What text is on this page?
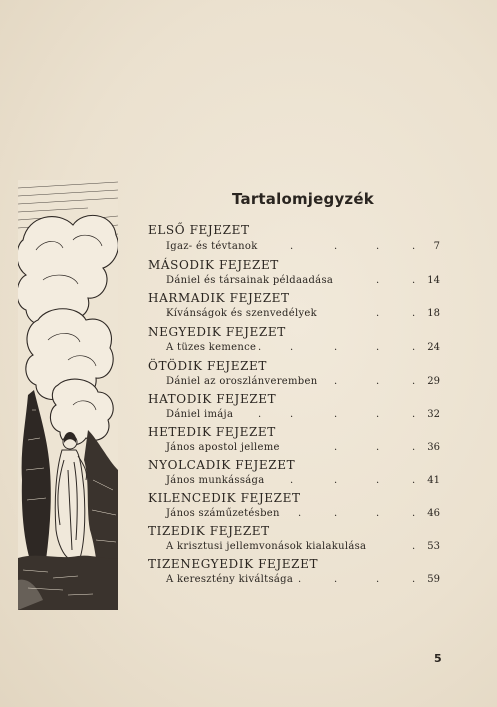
Tartalomjegyzék
ELSŐ FEJEZET
Igaz- és tévtanok	.	.	.	. 7
MÁSODIK FEJEZET
Dániel és társainak példaadása	.	. 14
HARMADIK FEJEZET
Kívánságok és szenvedélyek	.	. 18
NEGYEDIK FEJEZET
A tüzes kemence .	.	.	.	. 24
ÖTÖDIK FEJEZET
Dániel az oroszlánveremben .	.	. 29
HATODIK FEJEZET
Dániel imája .	.	.	.	. 32
HETEDIK FEJEZET
János apostol jelleme	.	.	. 36
NYOLCADIK FEJEZET
János munkássága	.	.	.	. 41
KILENCEDIK FEJEZET
János száműzetésben .	.	.	. 46
TIZEDIK FEJEZET
A krisztusi jellemvonások kialakulása	. 53
TIZENEGYEDIK FEJEZET
A keresztény kiváltsága .	.	.	. 59
5
